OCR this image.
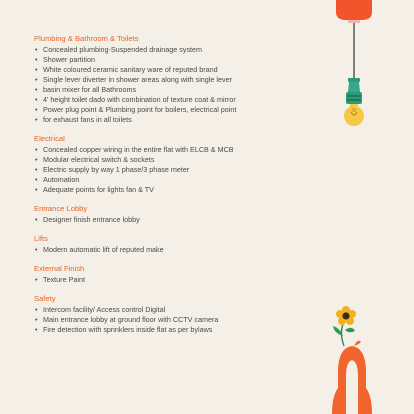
Plumbing & Bathroom & Toilets
• Concealed plumbing-Suspended drainage system
• Shower partition
• White coloured ceramic sanitary ware of reputed brand
• Single lever diverter in shower areas along with single lever
• basin mixer for all Bathrooms
• 4' height toilet dado with combination of texture coat & mirror
• Power plug point & Plumbing point for boilers, electrical point
• for exhaust fans in all toilets
Electrical
• Concealed copper wiring in the entire flat with ELCB & MCB
• Modular electrical switch & sockets
• Electric supply by way 1 phase/3 phase meter
• Automation
• Adequate points for lights fan & TV
Entrance Lobby
• Designer finish entrance lobby
Lifts
• Modern automatic lift of reputed make
External Finish
• Texture Paint
Safety
• Intercom facility/ Access control Digital
• Main entrance lobby at ground floor with CCTV camera
• Fire detection with sprinklers inside flat as per bylaws
